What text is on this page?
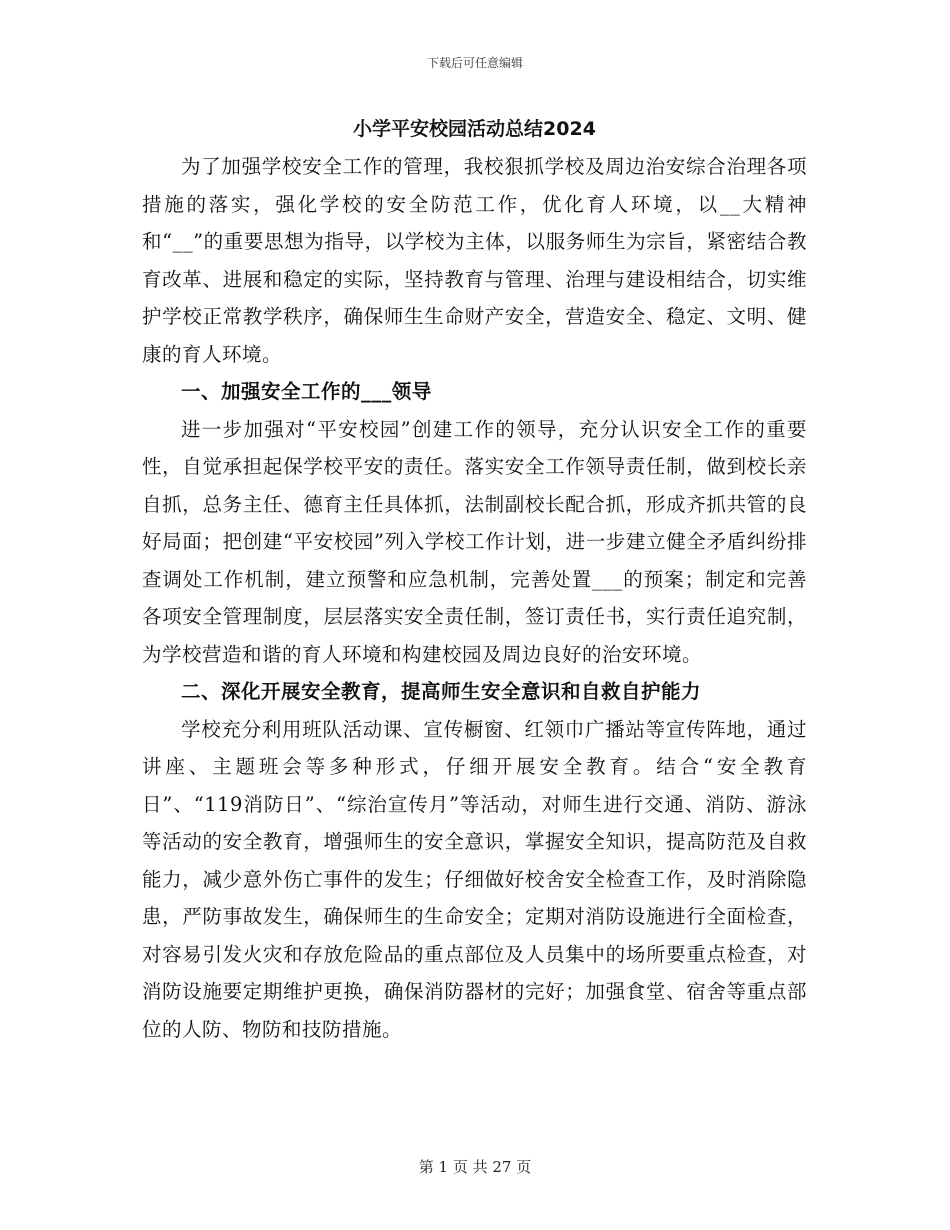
下载后可任意编辑
小学平安校园活动总结2024

为了加强学校安全工作的管理，我校狠抓学校及周边治安综合治理各项措施的落实，强化学校的安全防范工作，优化育人环境，以__大精神和“__”的重要思想为指导，以学校为主体，以服务师生为宗旨，紧密结合教育改革、进展和稳定的实际，坚持教育与管理、治理与建设相结合，切实维护学校正常教学秩序，确保师生生命财产安全，营造安全、稳定、文明、健康的育人环境。

一、加强安全工作的___领导

进一步加强对“平安校园”创建工作的领导，充分认识安全工作的重要性，自觉承担起保学校平安的责任。落实安全工作领导责任制，做到校长亲自抓，总务主任、德育主任具体抓，法制副校长配合抓，形成齐抓共管的良好局面；把创建“平安校园”列入学校工作计划，进一步建立健全矛盾纠纷排查调处工作机制，建立预警和应急机制，完善处置___的预案；制定和完善各项安全管理制度，层层落实安全责任制，签订责任书，实行责任追究制，为学校营造和谐的育人环境和构建校园及周边良好的治安环境。

二、深化开展安全教育，提高师生安全意识和自救自护能力

学校充分利用班队活动课、宣传橱窗、红领巾广播站等宣传阵地，通过讲座、主题班会等多种形式，仔细开展安全教育。结合“安全教育日”、“119消防日”、“综治宣传月”等活动，对师生进行交通、消防、游泳等活动的安全教育，增强师生的安全意识，掌握安全知识，提高防范及自救能力，减少意外伤亡事件的发生；仔细做好校舍安全检查工作，及时消除隐患，严防事故发生，确保师生的生命安全；定期对消防设施进行全面检查，对容易引发火灾和存放危险品的重点部位及人员集中的场所要重点检查，对消防设施要定期维护更换，确保消防器材的完好；加强食堂、宿舍等重点部位的人防、物防和技防措施。

第 1 页 共 27 页
